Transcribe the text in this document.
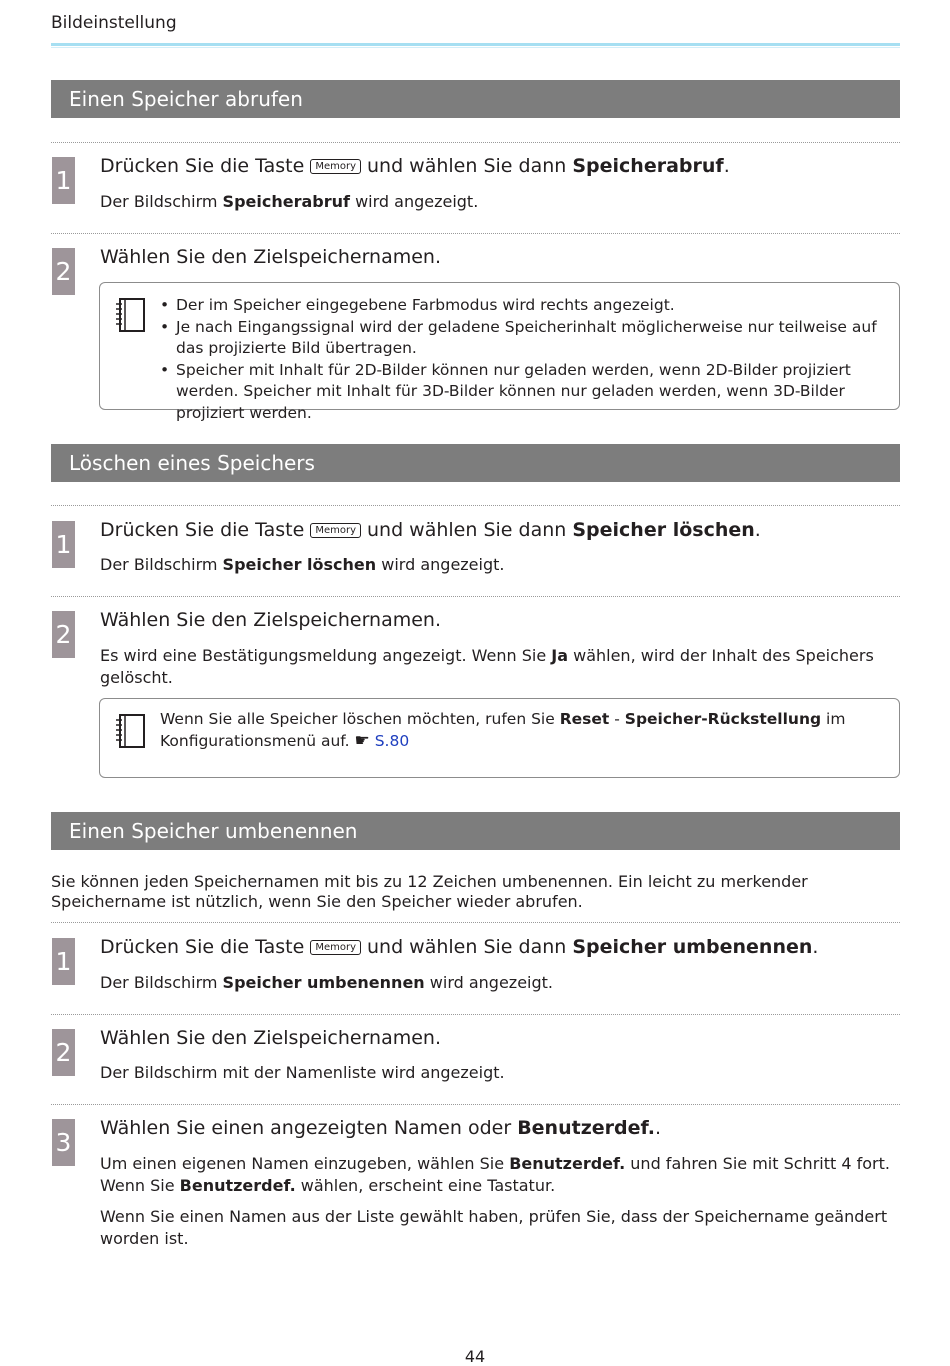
Bildeinstellung
Einen Speicher abrufen
1 Drücken Sie die Taste Memory und wählen Sie dann Speicherabruf.
Der Bildschirm Speicherabruf wird angezeigt.
2 Wählen Sie den Zielspeichernamen.
• Der im Speicher eingegebene Farbmodus wird rechts angezeigt.
• Je nach Eingangssignal wird der geladene Speicherinhalt möglicherweise nur teilweise auf das projizierte Bild übertragen.
• Speicher mit Inhalt für 2D-Bilder können nur geladen werden, wenn 2D-Bilder projiziert werden. Speicher mit Inhalt für 3D-Bilder können nur geladen werden, wenn 3D-Bilder projiziert werden.
Löschen eines Speichers
1 Drücken Sie die Taste Memory und wählen Sie dann Speicher löschen.
Der Bildschirm Speicher löschen wird angezeigt.
2 Wählen Sie den Zielspeichernamen.
Es wird eine Bestätigungsmeldung angezeigt. Wenn Sie Ja wählen, wird der Inhalt des Speichers gelöscht.
Wenn Sie alle Speicher löschen möchten, rufen Sie Reset - Speicher-Rückstellung im Konfigurationsmenü auf. ☛ S.80
Einen Speicher umbenennen
Sie können jeden Speichernamen mit bis zu 12 Zeichen umbenennen. Ein leicht zu merkender Speichername ist nützlich, wenn Sie den Speicher wieder abrufen.
1 Drücken Sie die Taste Memory und wählen Sie dann Speicher umbenennen.
Der Bildschirm Speicher umbenennen wird angezeigt.
2 Wählen Sie den Zielspeichernamen.
Der Bildschirm mit der Namenliste wird angezeigt.
3 Wählen Sie einen angezeigten Namen oder Benutzerdef..
Um einen eigenen Namen einzugeben, wählen Sie Benutzerdef. und fahren Sie mit Schritt 4 fort. Wenn Sie Benutzerdef. wählen, erscheint eine Tastatur.
Wenn Sie einen Namen aus der Liste gewählt haben, prüfen Sie, dass der Speichername geändert worden ist.
44
